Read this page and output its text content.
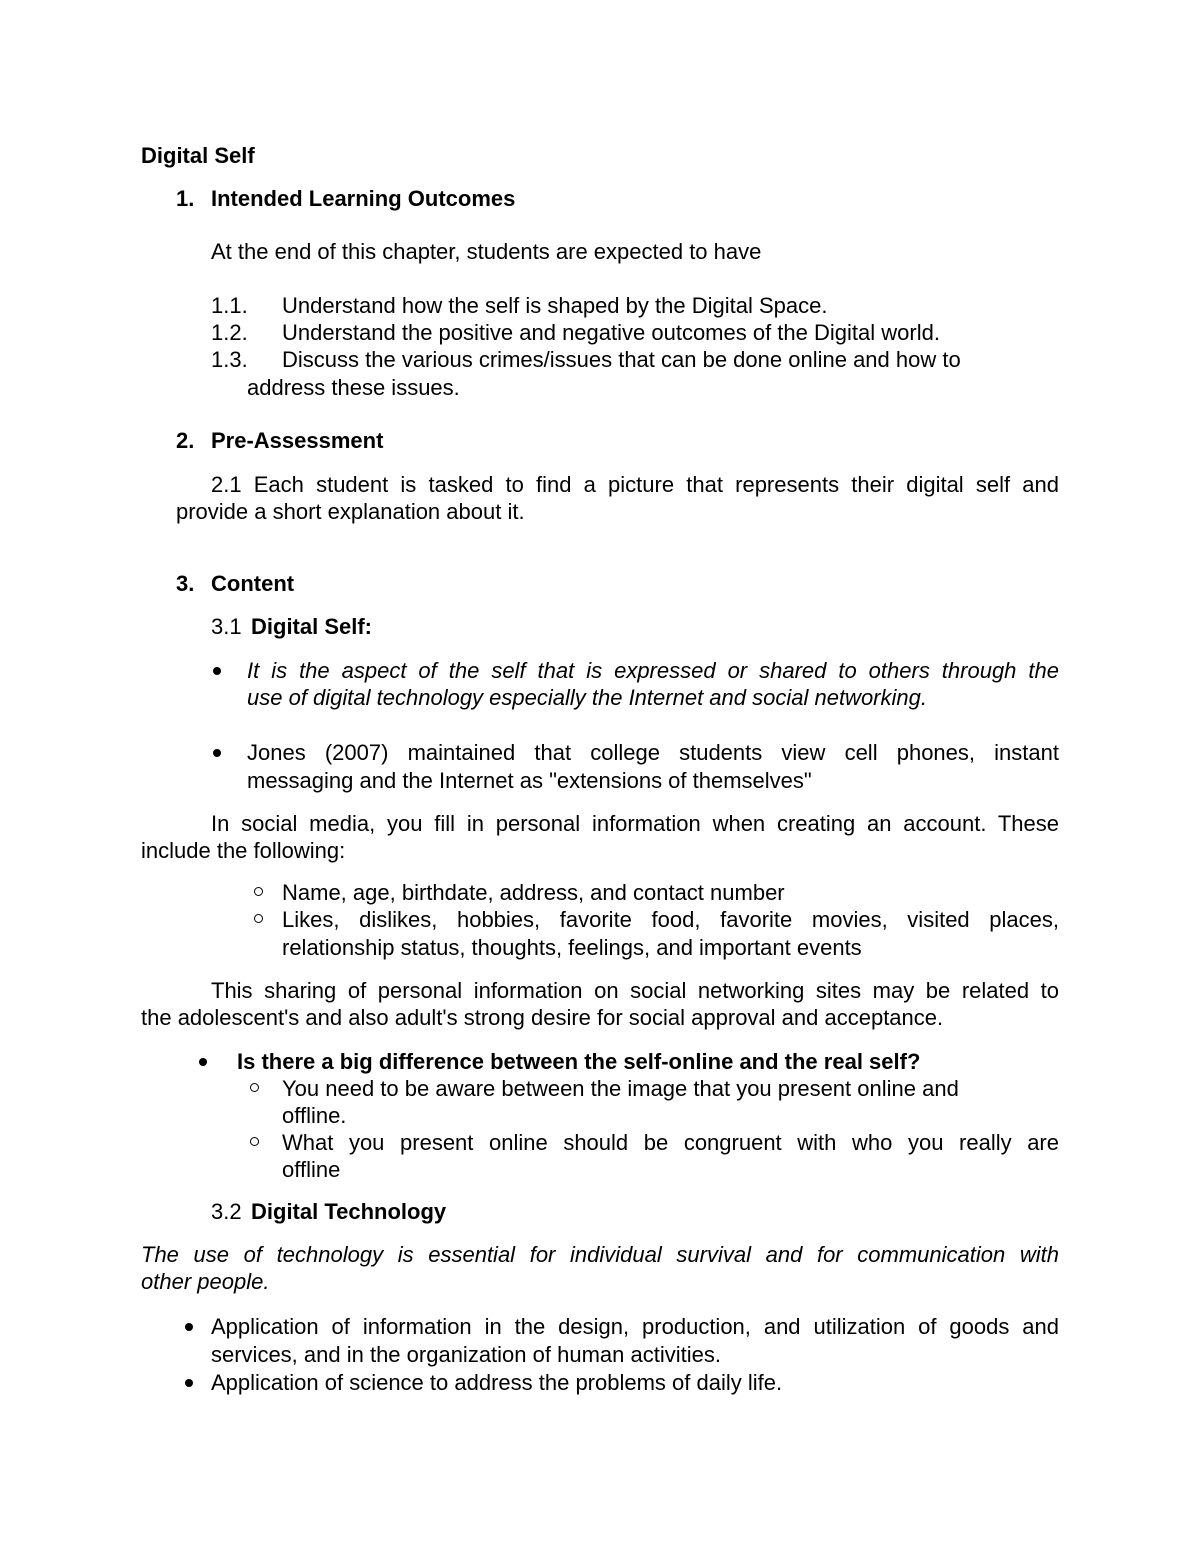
Digital Self
1. Intended Learning Outcomes
At the end of this chapter, students are expected to have
1.1. Understand how the self is shaped by the Digital Space.
1.2. Understand the positive and negative outcomes of the Digital world.
1.3. Discuss the various crimes/issues that can be done online and how to
address these issues.
2. Pre-Assessment
2.1 Each student is tasked to find a picture that represents their digital self and
provide a short explanation about it.
3. Content
3.1 Digital Self:
It is the aspect of the self that is expressed or shared to others through the
use of digital technology especially the Internet and social networking.
Jones (2007) maintained that college students view cell phones, instant
messaging and the Internet as "extensions of themselves"
In social media, you fill in personal information when creating an account. These
include the following:
Name, age, birthdate, address, and contact number
Likes, dislikes, hobbies, favorite food, favorite movies, visited places,
relationship status, thoughts, feelings, and important events
This sharing of personal information on social networking sites may be related to
the adolescent's and also adult's strong desire for social approval and acceptance.
Is there a big difference between the self-online and the real self?
You need to be aware between the image that you present online and
offline.
What you present online should be congruent with who you really are
offline
3.2 Digital Technology
The use of technology is essential for individual survival and for communication with
other people.
Application of information in the design, production, and utilization of goods and
services, and in the organization of human activities.
Application of science to address the problems of daily life.
